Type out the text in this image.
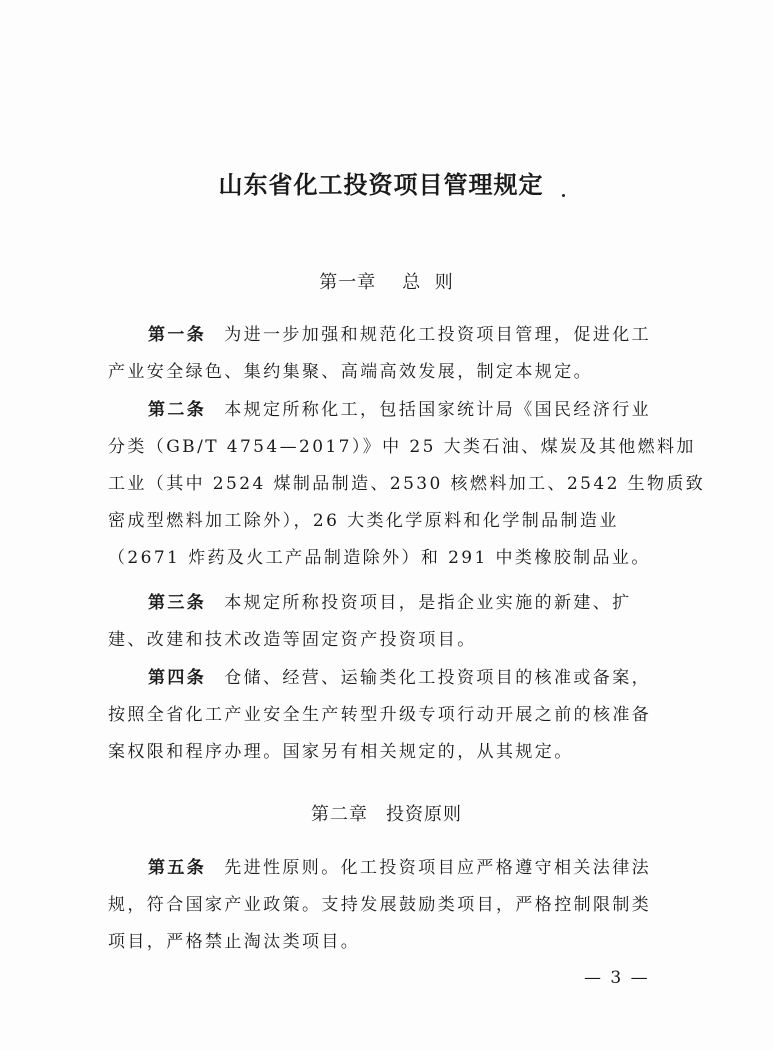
山东省化工投资项目管理规定
第一章 总  则
第一条 为进一步加强和规范化工投资项目管理，促进化工
产业安全绿色、集约集聚、高端高效发展，制定本规定。
第二条 本规定所称化工，包括国家统计局《国民经济行业
分类（GB/T 4754—2017）》中 25 大类石油、煤炭及其他燃料加
工业（其中 2524 煤制品制造、2530 核燃料加工、2542 生物质致
密成型燃料加工除外），26 大类化学原料和化学制品制造业
（2671 炸药及火工产品制造除外）和 291 中类橡胶制品业。
第三条 本规定所称投资项目，是指企业实施的新建、扩
建、改建和技术改造等固定资产投资项目。
第四条 仓储、经营、运输类化工投资项目的核准或备案，
按照全省化工产业安全生产转型升级专项行动开展之前的核准备
案权限和程序办理。国家另有相关规定的，从其规定。
第二章 投资原则
第五条 先进性原则。化工投资项目应严格遵守相关法律法
规，符合国家产业政策。支持发展鼓励类项目，严格控制限制类
项目，严格禁止淘汰类项目。
— 3 —
